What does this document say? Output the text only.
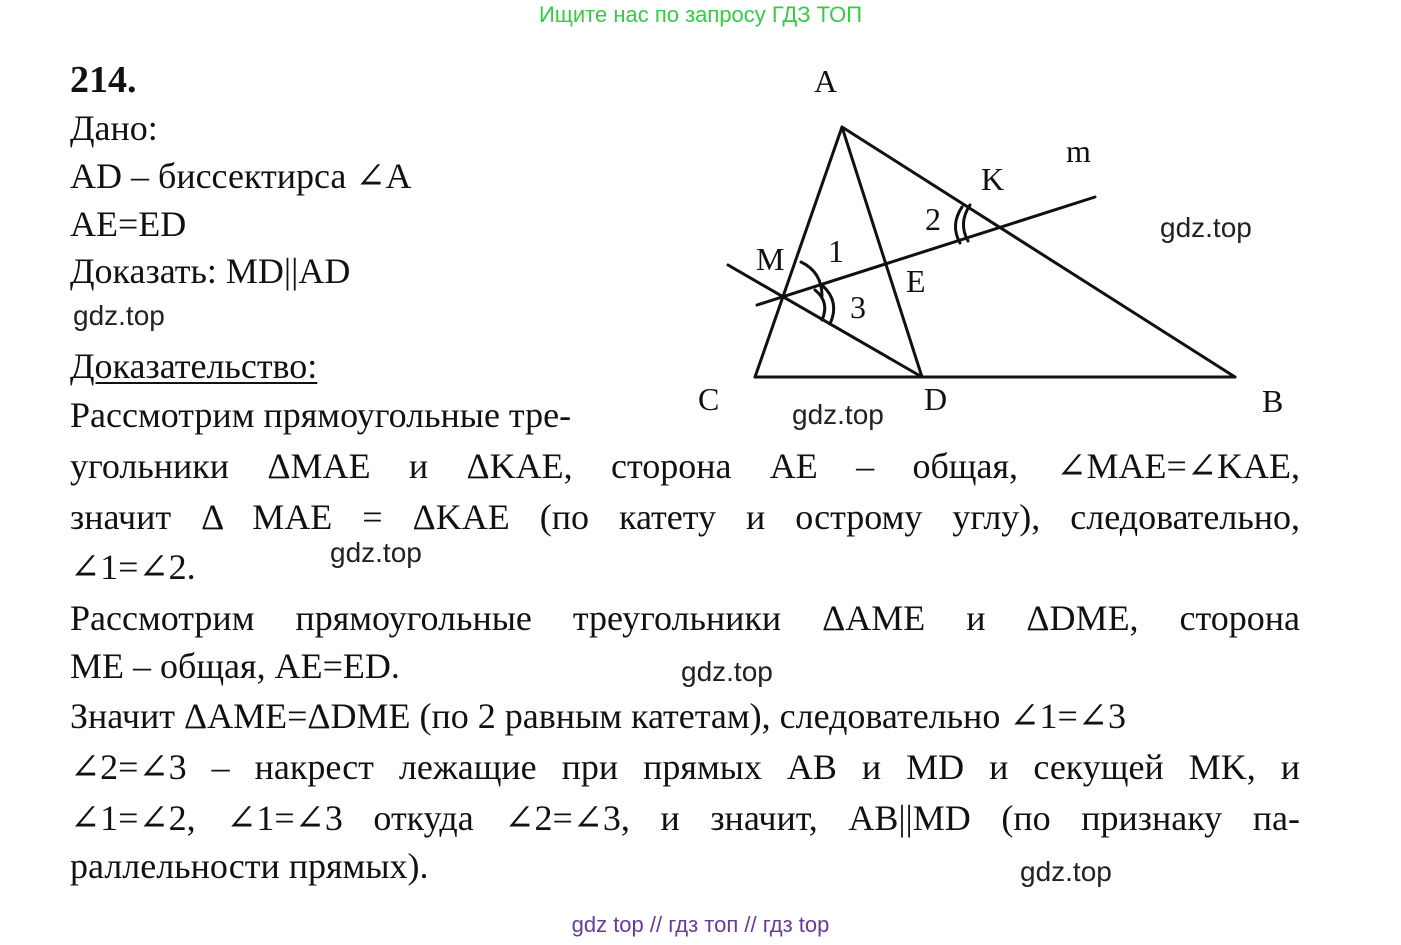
Ищите нас по запросу ГДЗ ТОП
214.
Дано:
AD – биссектирса ∠A
AE=ED
Доказать: MD||AD
Доказательство:
Рассмотрим прямоугольные тре-
угольники ΔMAE и ΔKAE, сторона AE – общая, ∠MAE=∠KAE,
значит Δ MAE = ΔKAE (по катету и острому углу), следовательно,
∠1=∠2.
Рассмотрим прямоугольные треугольники ΔAME и ΔDME, сторона
ME – общая, AE=ED.
Значит ΔAME=ΔDME (по 2 равным катетам), следовательно ∠1=∠3
∠2=∠3 – накрест лежащие при прямых AB и MD и секущей MK, и
∠1=∠2, ∠1=∠3 откуда ∠2=∠3, и значит, AB||MD (по признаку па-
раллельности прямых).
A
B
C	D
E
K
M
m
1
2
3
gdz.top
gdz.top
gdz.top
gdz.top
gdz.top
gdz.top
gdz top // гдз топ // гдз top
